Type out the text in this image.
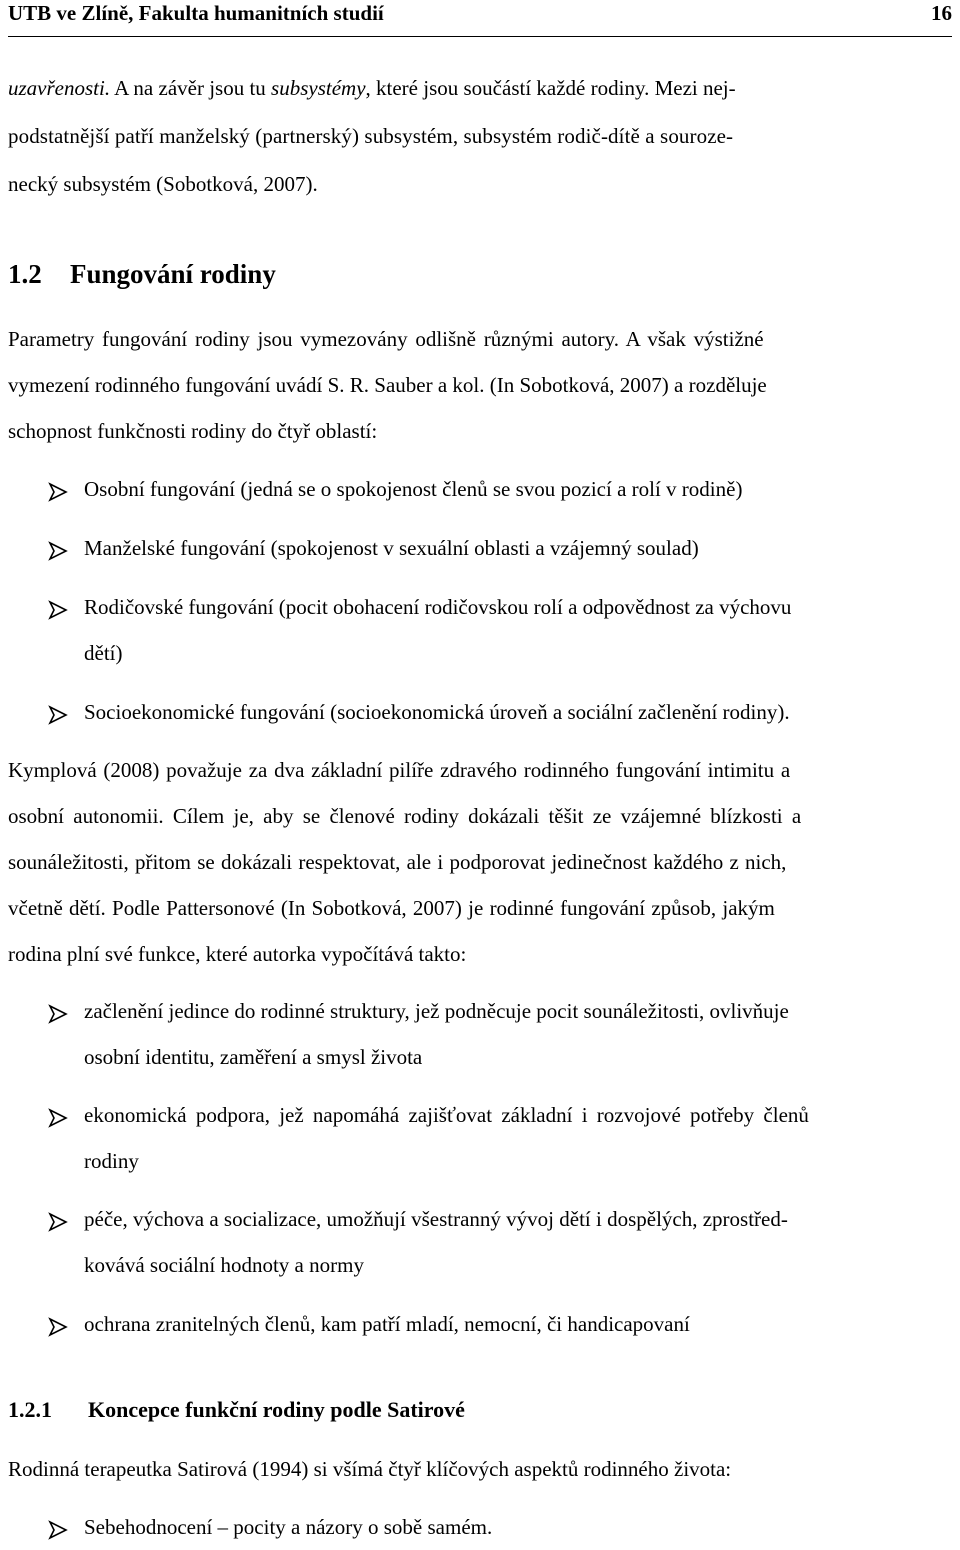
UTB ve Zlíně, Fakulta humanitních studií	16
uzavřenosti. A na závěr jsou tu subsystémy, které jsou součástí každé rodiny. Mezi nej-
podstatnější patří manželský (partnerský) subsystém, subsystém rodič-dítě a souroze-
necký subsystém (Sobotková, 2007).
1.2 Fungování rodiny
Parametry fungování rodiny jsou vymezovány odlišně různými autory. A však výstižné
vymezení rodinného fungování uvádí S. R. Sauber a kol. (In Sobotková, 2007) a rozděluje
schopnost funkčnosti rodiny do čtyř oblastí:
Osobní fungování (jedná se o spokojenost členů se svou pozicí a rolí v rodině)
Manželské fungování (spokojenost v sexuální oblasti a vzájemný soulad)
Rodičovské fungování (pocit obohacení rodičovskou rolí a odpovědnost za výchovu
dětí)
Socioekonomické fungování (socioekonomická úroveň a sociální začlenění rodiny).
Kymplová (2008) považuje za dva základní pilíře zdravého rodinného fungování intimitu a
osobní autonomii. Cílem je, aby se členové rodiny dokázali těšit ze vzájemné blízkosti a
sounáležitosti, přitom se dokázali respektovat, ale i podporovat jedinečnost každého z nich,
včetně dětí. Podle Pattersonové (In Sobotková, 2007) je rodinné fungování způsob, jakým
rodina plní své funkce, které autorka vypočítává takto:
začlenění jedince do rodinné struktury, jež podněcuje pocit sounáležitosti, ovlivňuje
osobní identitu, zaměření a smysl života
ekonomická podpora, jež napomáhá zajišťovat základní i rozvojové potřeby členů
rodiny
péče, výchova a socializace, umožňují všestranný vývoj dětí i dospělých, zprostřed-
kovává sociální hodnoty a normy
ochrana zranitelných členů, kam patří mladí, nemocní, či handicapovaní
1.2.1 Koncepce funkční rodiny podle Satirové
Rodinná terapeutka Satirová (1994) si všímá čtyř klíčových aspektů rodinného života:
Sebehodnocení – pocity a názory o sobě samém.
